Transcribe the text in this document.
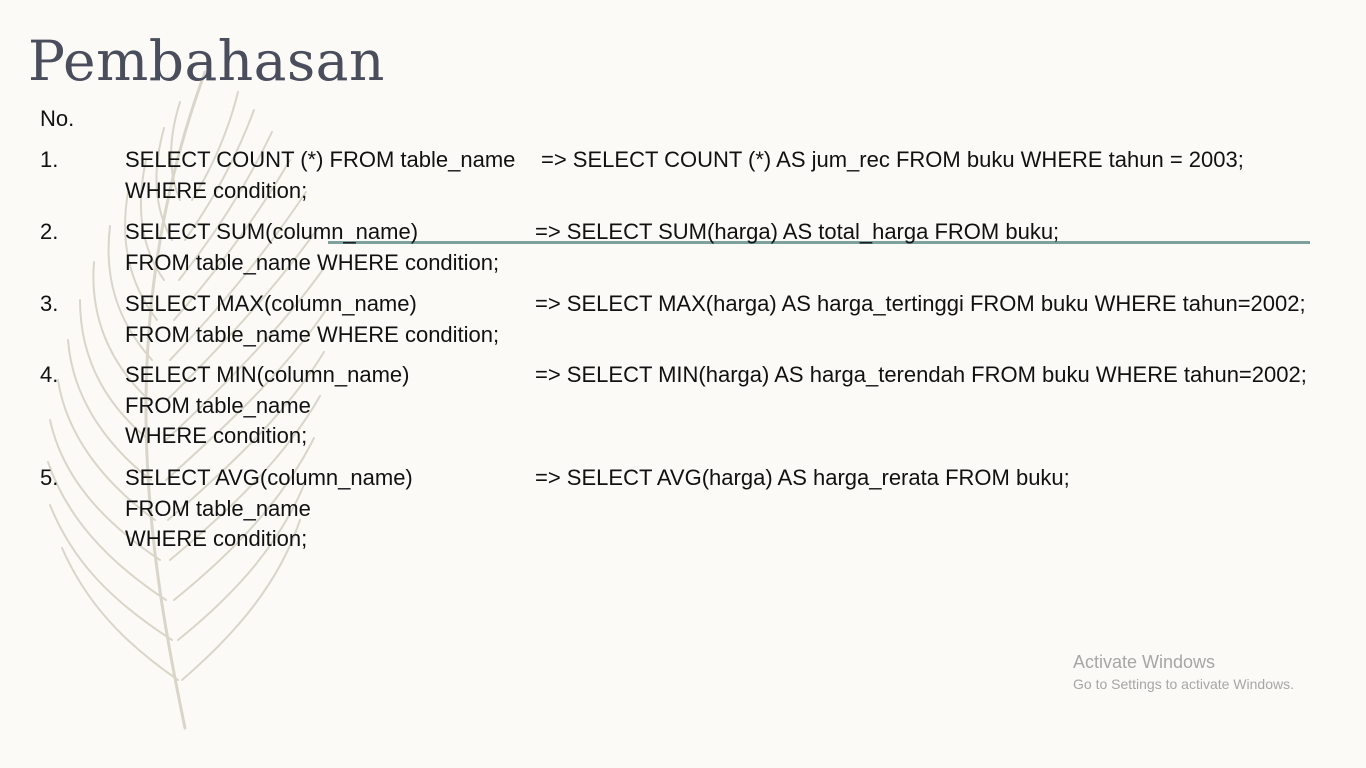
Pembahasan
No.
1.	SELECT COUNT (*) FROM table_name
WHERE condition;
=> SELECT COUNT (*) AS jum_rec FROM buku WHERE tahun = 2003;
2.	SELECT SUM(column_name)
FROM table_name WHERE condition;
=> SELECT SUM(harga) AS total_harga FROM buku;
3.	SELECT MAX(column_name)
FROM table_name WHERE condition;
=> SELECT MAX(harga) AS harga_tertinggi FROM buku WHERE tahun=2002;
4.	SELECT MIN(column_name)
FROM table_name
WHERE condition;
=> SELECT MIN(harga) AS harga_terendah FROM buku WHERE tahun=2002;
5.	SELECT AVG(column_name)
FROM table_name
WHERE condition;
=> SELECT AVG(harga) AS harga_rerata FROM buku;
Activate Windows
Go to Settings to activate Windows.
